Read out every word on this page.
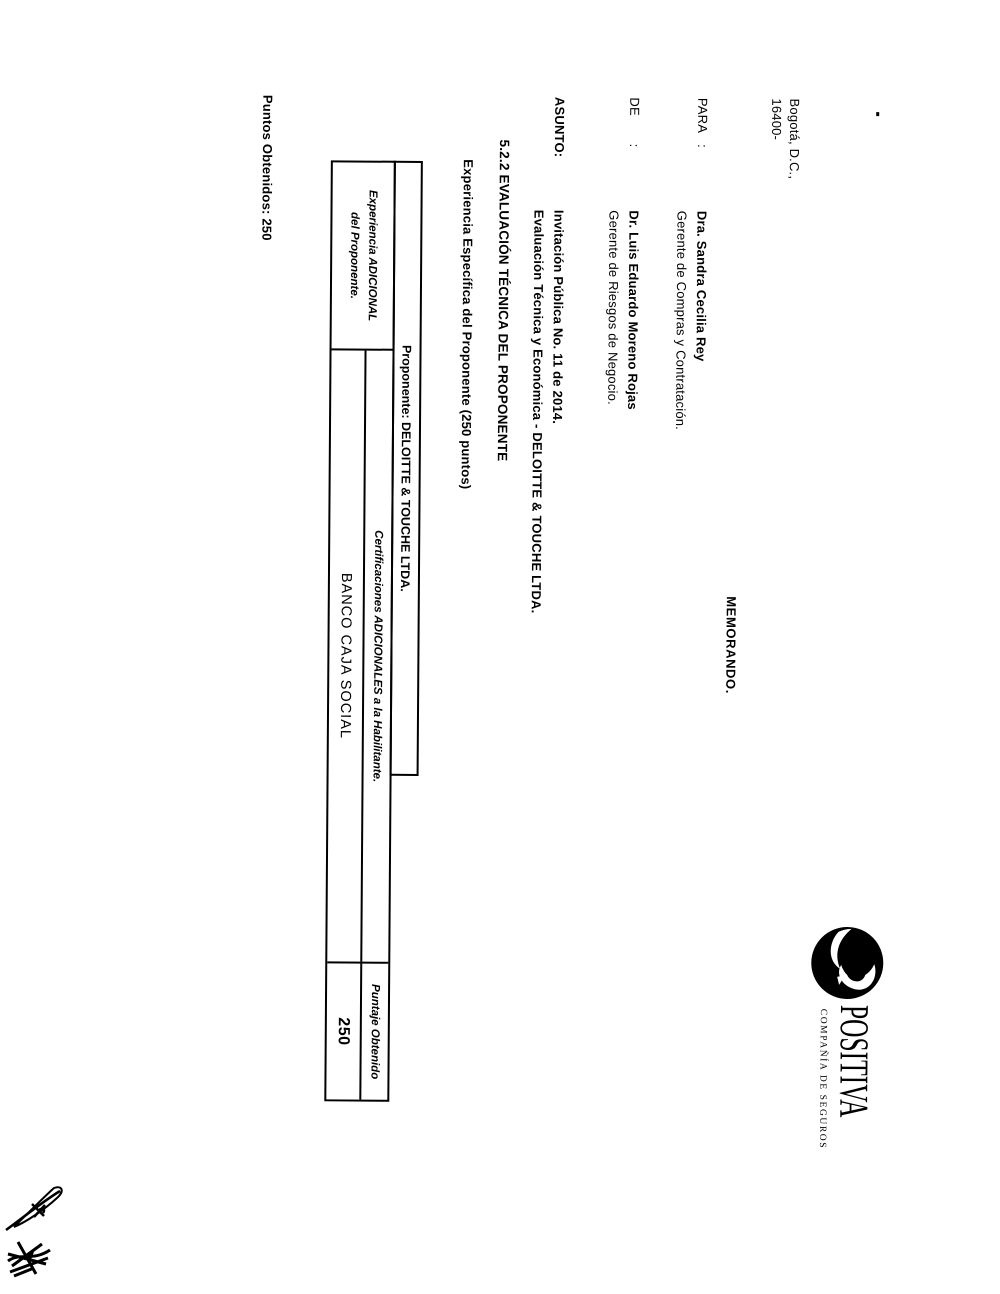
POSITIVA
COMPAÑÍA DE SEGUROS
Bogotá, D.C.,
16400-
MEMORANDO.
PARA
:
Dra. Sandra Cecilia Rey
Gerente de Compras y Contratación.
DE
:
Dr. Luis Eduardo Moreno Rojas
Gerente de Riesgos de Negocio.
ASUNTO:
Invitación Pública No. 11 de 2014.
Evaluación Técnica y Económica - DELOITTE & TOUCHE LTDA.
5.2.2 EVALUACIÓN TÉCNICA DEL PROPONENTE
Experiencia Específica del Proponente (250 puntos)
Proponente: DELOITTE & TOUCHE LTDA.
Experiencia ADICIONAL
del Proponente.
Certificaciones ADICIONALES a la Habilitante.
BANCO CAJA SOCIAL
Puntaje Obtenido
250
Puntos Obtenidos: 250
